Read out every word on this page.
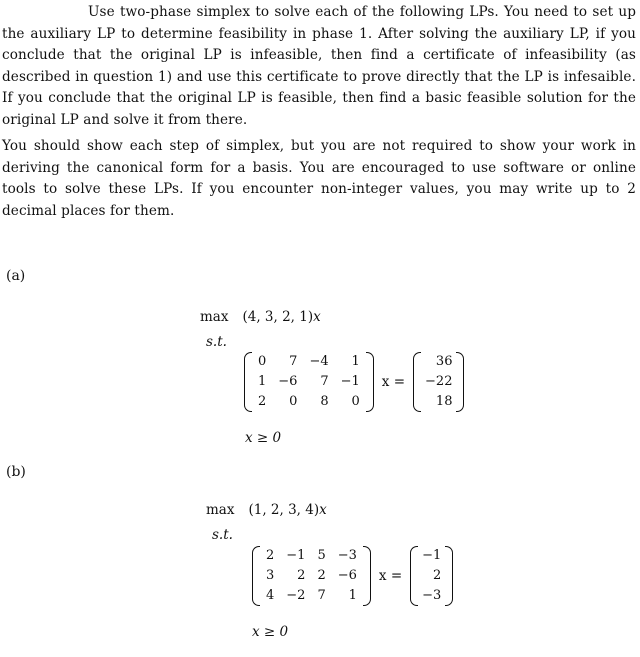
Use two-phase simplex to solve each of the following LPs. You need to set up the auxiliary LP to determine feasibility in phase 1. After solving the auxiliary LP, if you conclude that the original LP is infeasible, then find a certificate of infeasibility (as described in question 1) and use this certificate to prove directly that the LP is infesaible. If you conclude that the original LP is feasible, then find a basic feasible solution for the original LP and solve it from there.
You should show each step of simplex, but you are not required to show your work in deriving the canonical form for a basis. You are encouraged to use software or online tools to solve these LPs. If you encounter non-integer values, you may write up to 2 decimal places for them.
(a)
max (4, 3, 2, 1) x
s.t.
0	7	−4	1
1	−6	7	−1
2	0	8	0
x =
36
−22
18
x ≥ 0
(b)
max (1, 2, 3, 4) x
s.t.
2	−1	5	−3
3	2	2	−6
4	−2	7	1
x =
−1
2
−3
x ≥ 0
